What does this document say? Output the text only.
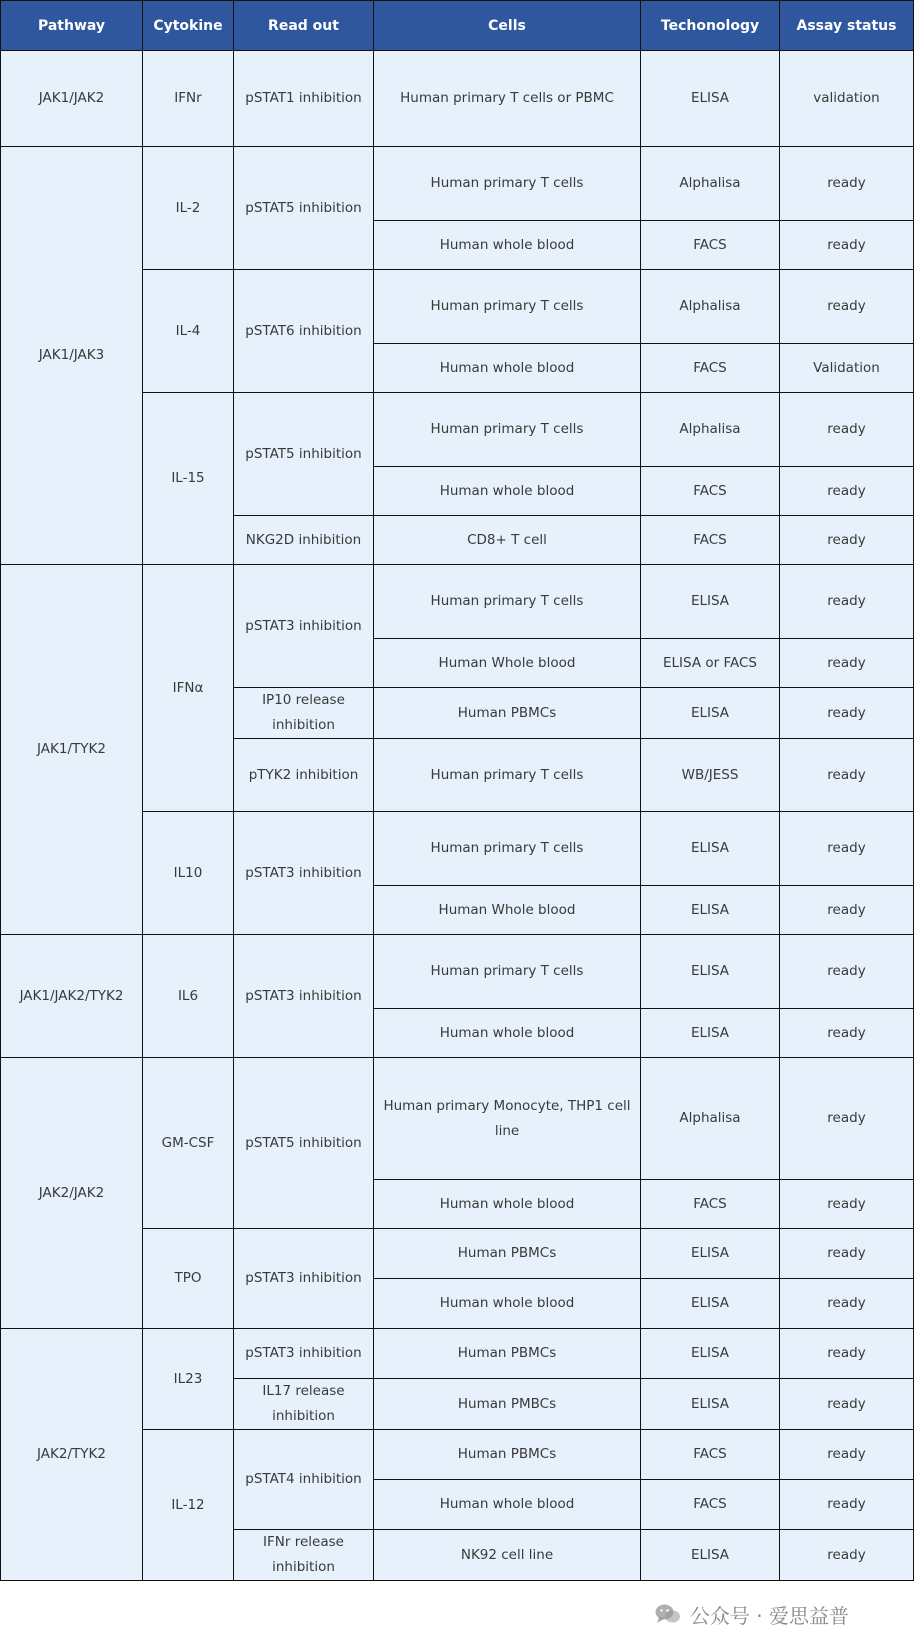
Pathway	Cytokine	Read out	Cells	Techonology	Assay status
JAK1/JAK2	IFNr	pSTAT1 inhibition	Human primary T cells or PBMC	ELISA	validation
JAK1/JAK3	IL-2	pSTAT5 inhibition	Human primary T cells	Alphalisa	ready
			Human whole blood	FACS	ready
	IL-4	pSTAT6 inhibition	Human primary T cells	Alphalisa	ready
			Human whole blood	FACS	Validation
	IL-15	pSTAT5 inhibition	Human primary T cells	Alphalisa	ready
			Human whole blood	FACS	ready
		NKG2D inhibition	CD8+ T cell	FACS	ready
JAK1/TYK2	IFNα	pSTAT3 inhibition	Human primary T cells	ELISA	ready
			Human Whole blood	ELISA or FACS	ready
		IP10 release inhibition	Human PBMCs	ELISA	ready
		pTYK2 inhibition	Human primary T cells	WB/JESS	ready
	IL10	pSTAT3 inhibition	Human primary T cells	ELISA	ready
			Human Whole blood	ELISA	ready
JAK1/JAK2/TYK2	IL6	pSTAT3 inhibition	Human primary T cells	ELISA	ready
			Human whole blood	ELISA	ready
JAK2/JAK2	GM-CSF	pSTAT5 inhibition	Human primary Monocyte, THP1 cell line	Alphalisa	ready
			Human whole blood	FACS	ready
	TPO	pSTAT3 inhibition	Human PBMCs	ELISA	ready
			Human whole blood	ELISA	ready
JAK2/TYK2	IL23	pSTAT3 inhibition	Human PBMCs	ELISA	ready
		IL17 release inhibition	Human PMBCs	ELISA	ready
	IL-12	pSTAT4 inhibition	Human PBMCs	FACS	ready
			Human whole blood	FACS	ready
		IFNr release inhibition	NK92 cell line	ELISA	ready
公众号 · 爱思益普
